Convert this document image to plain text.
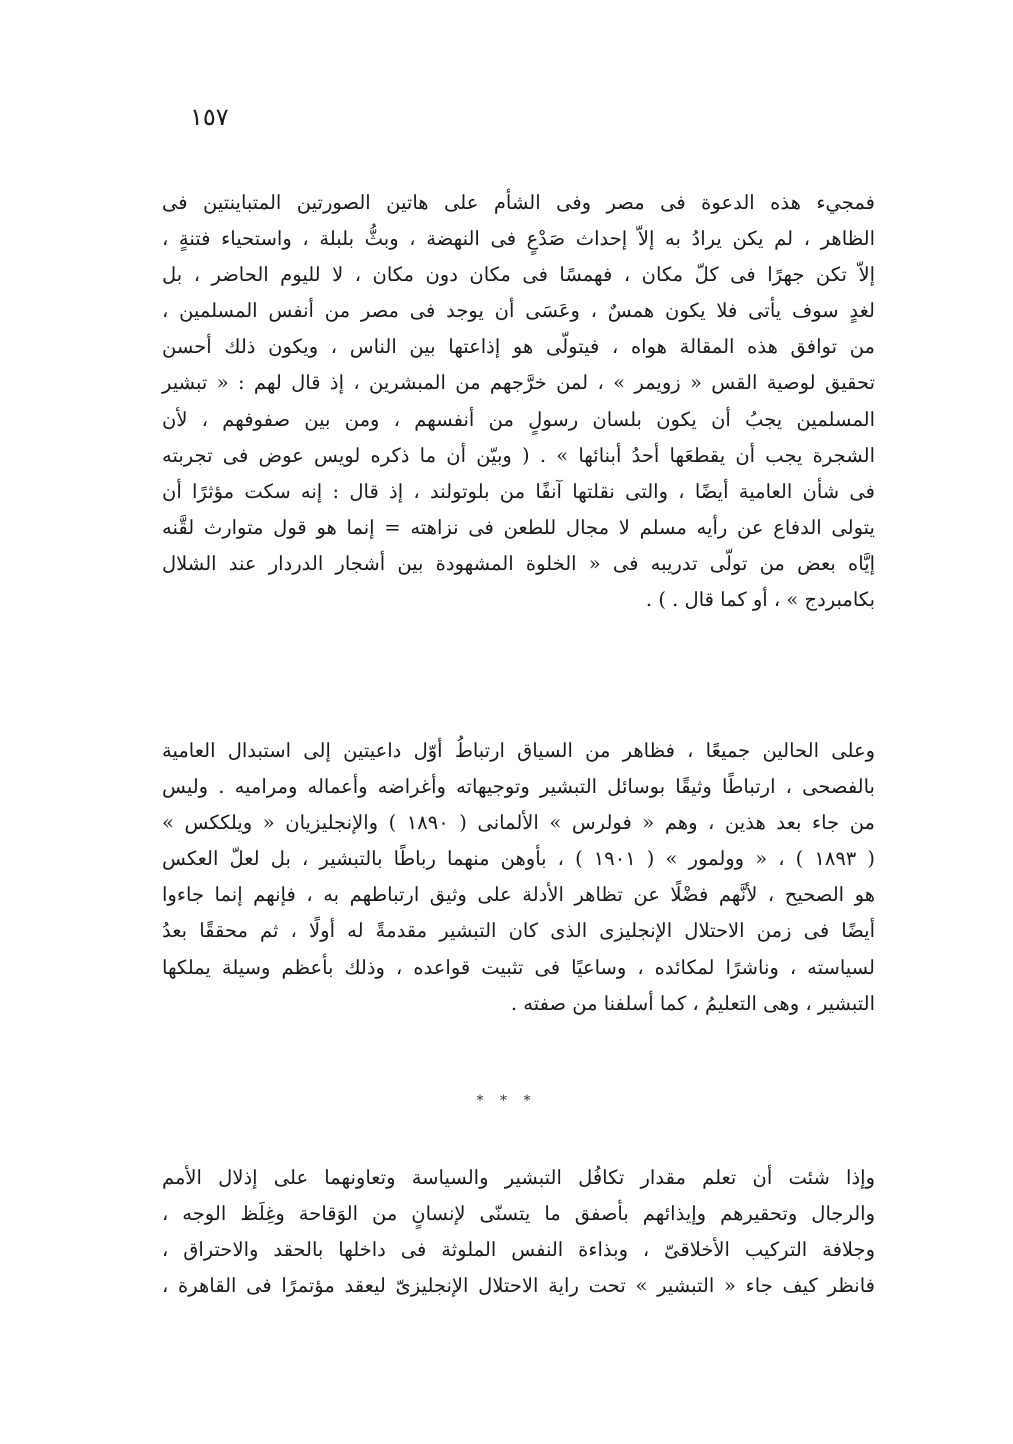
١٥٧
فمجيء هذه الدعوة فى مصر وفى الشأم على هاتين الصورتين المتباينتين فى
الظاهر ، لم يكن يرادُ به إلاّ إحداث صَدْعٍ فى النهضة ، وبثُّ بلبلة ، واستحياء فتنةٍ ،
إلاّ تكن جهرًا فى كلّ مكان ، فهمسًا فى مكان دون مكان ، لا لليوم الحاضر ، بل
لغدٍ سوف يأتى فلا يكون همسٌ ، وعَسَى أن يوجد فى مصر من أنفس المسلمين ،
من توافق هذه المقالة هواه ، فيتولّى هو إذاعتها بين الناس ، ويكون ذلك أحسن
تحقيق لوصية القس « زويمر » ، لمن خرَّجهم من المبشرين ، إذ قال لهم : « تبشير
المسلمين يجبُ أن يكون بلسان رسولٍ من أنفسهم ، ومن بين صفوفهم ، لأن
الشجرة يجب أن يقطعَها أحدُ أبنائها » . ( وبيّن أن ما ذكره لويس عوض فى تجربته
فى شأن العامية أيضًا ، والتى نقلتها آنفًا من بلوتولند ، إذ قال : إنه سكت مؤثرًا أن
يتولى الدفاع عن رأيه مسلم لا مجال للطعن فى نزاهته = إنما هو قول متوارث لقَّنه
إيَّاه بعض من تولّى تدريبه فى « الخلوة المشهودة بين أشجار الدردار عند الشلال
بكامبردج » ، أو كما قال . ) .
وعلى الحالين جميعًا ، فظاهر من السياق ارتباطُ أوّل داعيتين إلى استبدال العامية
بالفصحى ، ارتباطًا وثيقًا بوسائل التبشير وتوجيهاته وأغراضه وأعماله ومراميه . وليس
من جاء بعد هذين ، وهم « فولرس » الألمانى ( ١٨٩٠ ) والإنجليزيان « ويلككس »
( ١٨٩٣ ) ، « وولمور » ( ١٩٠١ ) ، بأوهن منهما رباطًا بالتبشير ، بل لعلّ العكس
هو الصحيح ، لأنَّهم فضْلًا عن تظاهر الأدلة على وثيق ارتباطهم به ، فإنهم إنما جاءوا
أيضًا فى زمن الاحتلال الإنجليزى الذى كان التبشير مقدمةً له أولًا ، ثم محققًا بعدُ
لسياسته ، وناشرًا لمكائده ، وساعيًا فى تثبيت قواعده ، وذلك بأعظم وسيلة يملكها
التبشير ، وهى التعليمُ ، كما أسلفنا من صفته .
* * *
وإذا شئت أن تعلم مقدار تكافُل التبشير والسياسة وتعاونهما على إذلال الأمم
والرجال وتحقيرهم وإيذائهم بأصفق ما يتسنّى لإنسانٍ من الوَقاحة وغِلَظ الوجه ،
وجلافة التركيب الأخلاقىّ ، وبذاءة النفس الملوثة فى داخلها بالحقد والاحتراق ،
فانظر كيف جاء « التبشير » تحت راية الاحتلال الإنجليزىّ ليعقد مؤتمرًا فى القاهرة ،
